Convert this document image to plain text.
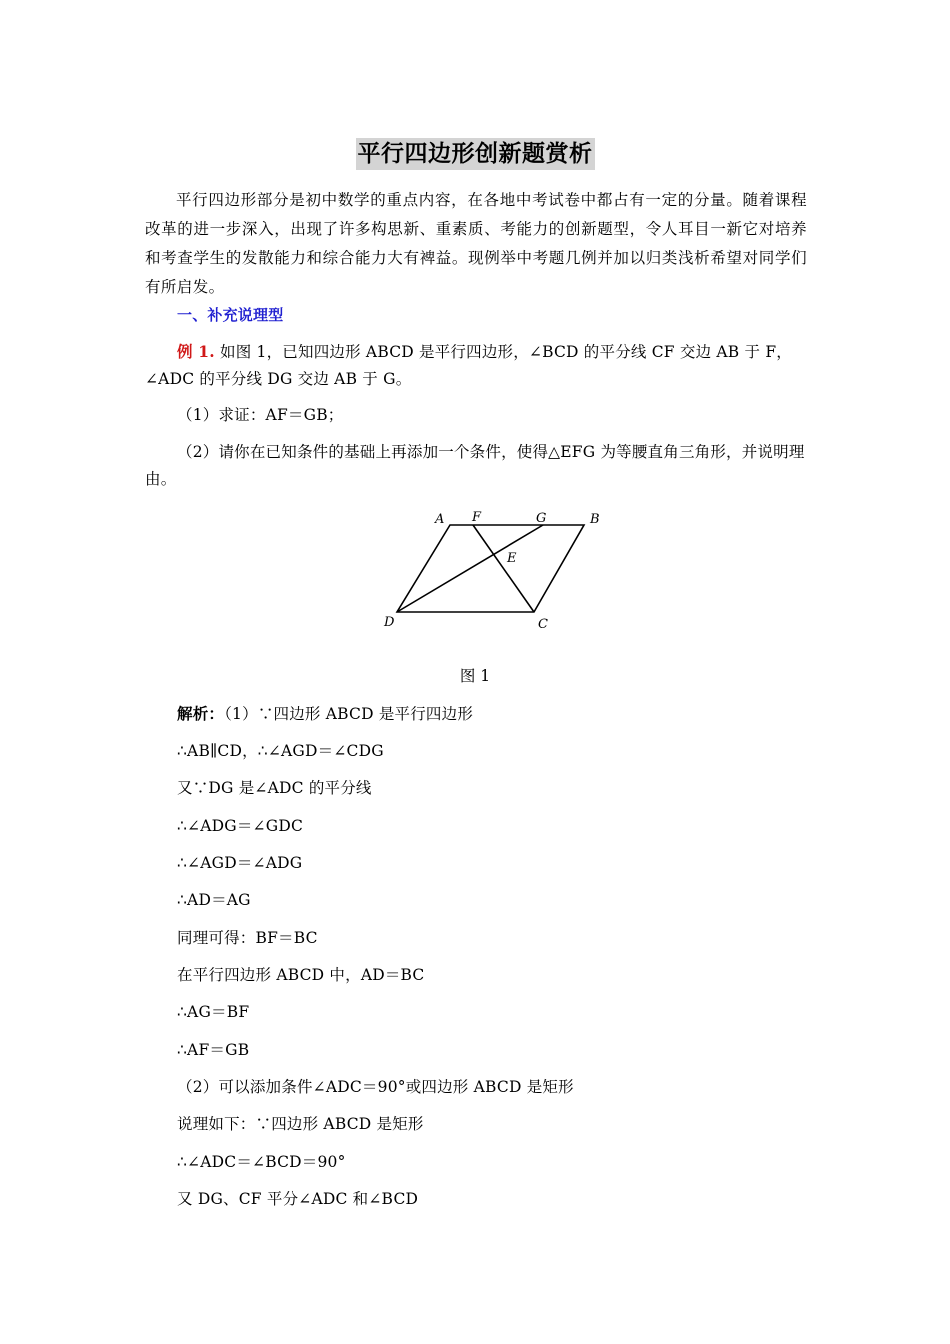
平行四边形创新题赏析
平行四边形部分是初中数学的重点内容，在各地中考试卷中都占有一定的分量。随着课程改革的进一步深入，出现了许多构思新、重素质、考能力的创新题型，令人耳目一新它对培养和考查学生的发散能力和综合能力大有裨益。现例举中考题几例并加以归类浅析希望对同学们有所启发。
一、补充说理型
例 1. 如图 1，已知四边形 ABCD 是平行四边形，∠BCD 的平分线 CF 交边 AB 于 F，
∠ADC 的平分线 DG 交边 AB 于 G。
（1）求证：AF＝GB；
（2）请你在已知条件的基础上再添加一个条件，使得△EFG 为等腰直角三角形，并说明理由。
A F	G	B
E
D	C
图 1
解析：（1）∵四边形 ABCD 是平行四边形
∴AB∥CD，∴∠AGD＝∠CDG
又∵DG 是∠ADC 的平分线
∴∠ADG＝∠GDC
∴∠AGD＝∠ADG
∴AD＝AG
同理可得：BF＝BC
在平行四边形 ABCD 中，AD＝BC
∴AG＝BF
∴AF＝GB
（2）可以添加条件∠ADC＝90°或四边形 ABCD 是矩形
说理如下：∵四边形 ABCD 是矩形
∴∠ADC＝∠BCD＝90°
又 DG、CF 平分∠ADC 和∠BCD
